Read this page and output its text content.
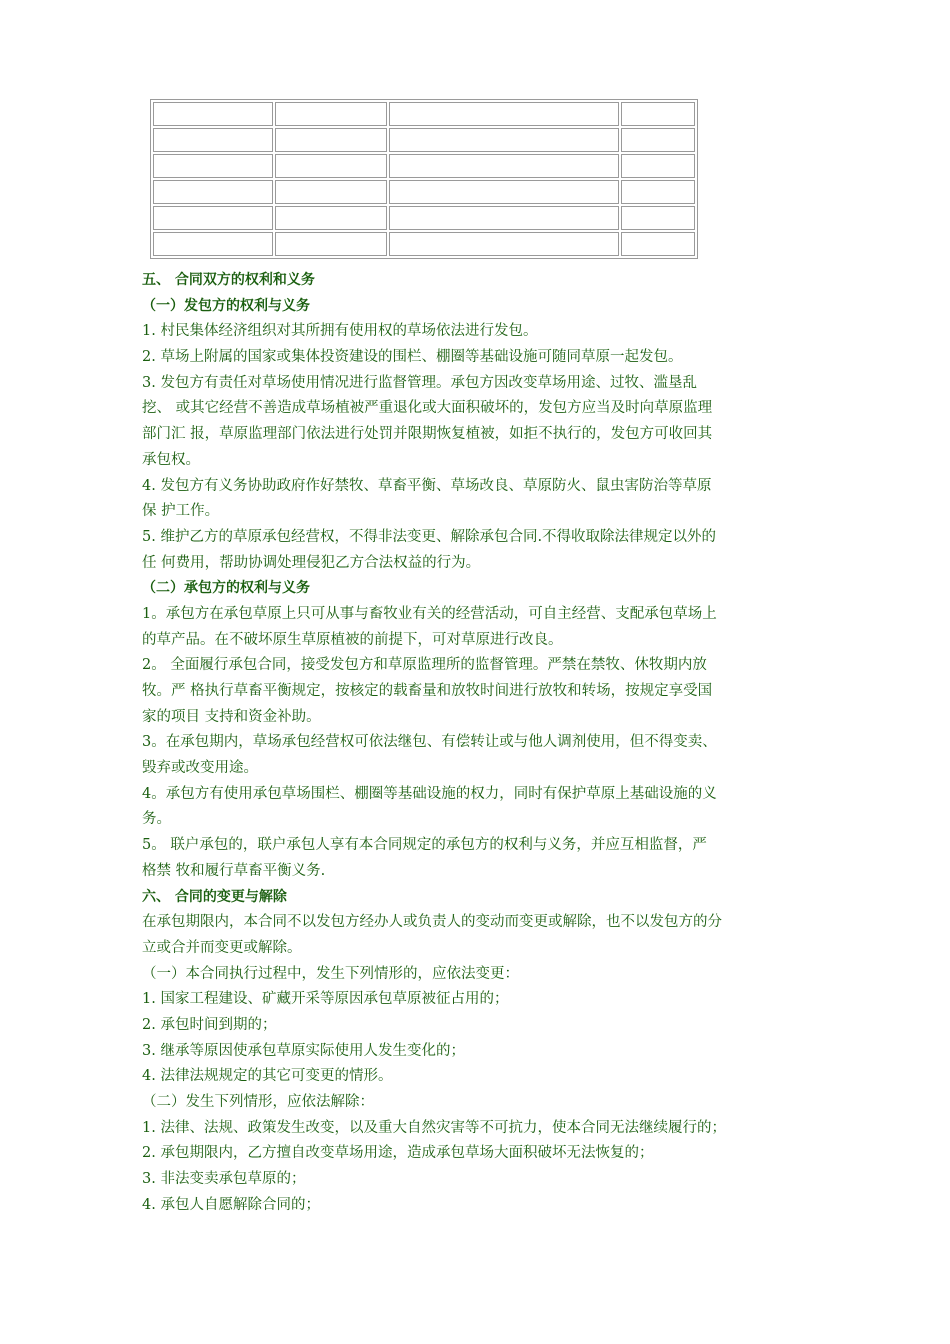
五、 合同双方的权利和义务
（一）发包方的权利与义务
1. 村民集体经济组织对其所拥有使用权的草场依法进行发包。
2. 草场上附属的国家或集体投资建设的围栏、棚圈等基础设施可随同草原一起发包。
3. 发包方有责任对草场使用情况进行监督管理。承包方因改变草场用途、过牧、滥垦乱
挖、 或其它经营不善造成草场植被严重退化或大面积破坏的，发包方应当及时向草原监理
部门汇 报，草原监理部门依法进行处罚并限期恢复植被，如拒不执行的，发包方可收回其
承包权。
4. 发包方有义务协助政府作好禁牧、草畜平衡、草场改良、草原防火、鼠虫害防治等草原
保 护工作。
5. 维护乙方的草原承包经营权，不得非法变更、解除承包合同.不得收取除法律规定以外的
任 何费用，帮助协调处理侵犯乙方合法权益的行为。
（二）承包方的权利与义务
1。承包方在承包草原上只可从事与畜牧业有关的经营活动，可自主经营、支配承包草场上
的草产品。在不破坏原生草原植被的前提下，可对草原进行改良。
2。 全面履行承包合同，接受发包方和草原监理所的监督管理。严禁在禁牧、休牧期内放
牧。严 格执行草畜平衡规定，按核定的载畜量和放牧时间进行放牧和转场，按规定享受国
家的项目 支持和资金补助。
3。在承包期内，草场承包经营权可依法继包、有偿转让或与他人调剂使用，但不得变卖、
毁弃或改变用途。
4。承包方有使用承包草场围栏、棚圈等基础设施的权力，同时有保护草原上基础设施的义
务。
5。 联户承包的，联户承包人享有本合同规定的承包方的权利与义务，并应互相监督，严
格禁 牧和履行草畜平衡义务.
六、 合同的变更与解除
在承包期限内，本合同不以发包方经办人或负责人的变动而变更或解除，也不以发包方的分
立或合并而变更或解除。
（一）本合同执行过程中，发生下列情形的，应依法变更：
1. 国家工程建设、矿藏开采等原因承包草原被征占用的；
2. 承包时间到期的；
3. 继承等原因使承包草原实际使用人发生变化的；
4. 法律法规规定的其它可变更的情形。
（二）发生下列情形，应依法解除：
1. 法律、法规、政策发生改变，以及重大自然灾害等不可抗力，使本合同无法继续履行的；
2. 承包期限内，乙方擅自改变草场用途，造成承包草场大面积破坏无法恢复的；
3. 非法变卖承包草原的；
4. 承包人自愿解除合同的；
